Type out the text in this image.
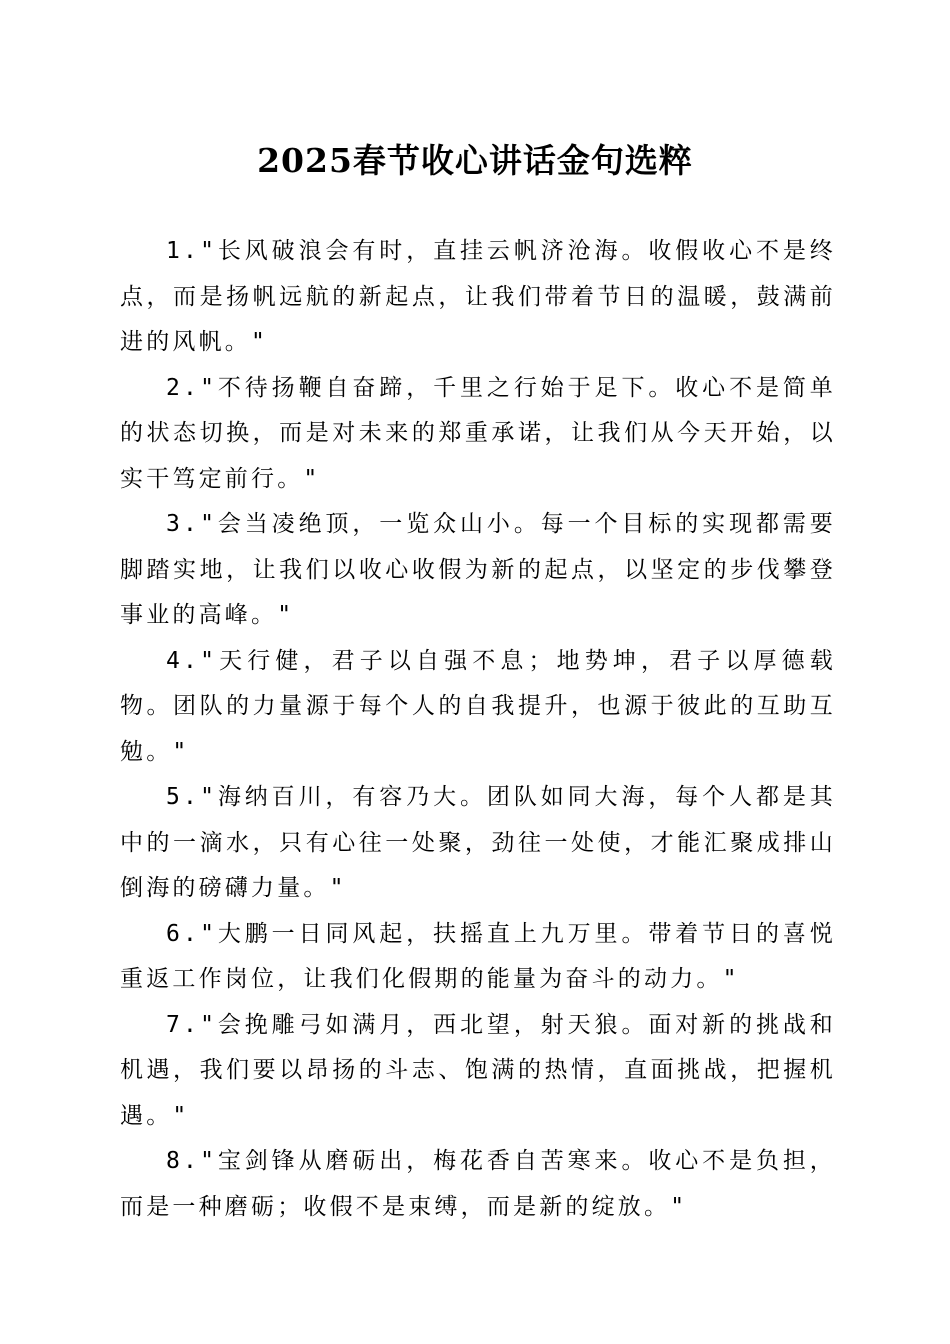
2025春节收心讲话金句选粹

1."长风破浪会有时，直挂云帆济沧海。收假收心不是终点，而是扬帆远航的新起点，让我们带着节日的温暖，鼓满前进的风帆。"

2."不待扬鞭自奋蹄，千里之行始于足下。收心不是简单的状态切换，而是对未来的郑重承诺，让我们从今天开始，以实干笃定前行。"

3."会当凌绝顶，一览众山小。每一个目标的实现都需要脚踏实地，让我们以收心收假为新的起点，以坚定的步伐攀登事业的高峰。"

4."天行健，君子以自强不息；地势坤，君子以厚德载物。团队的力量源于每个人的自我提升，也源于彼此的互助互勉。"

5."海纳百川，有容乃大。团队如同大海，每个人都是其中的一滴水，只有心往一处聚，劲往一处使，才能汇聚成排山倒海的磅礴力量。"

6."大鹏一日同风起，扶摇直上九万里。带着节日的喜悦重返工作岗位，让我们化假期的能量为奋斗的动力。"

7."会挽雕弓如满月，西北望，射天狼。面对新的挑战和机遇，我们要以昂扬的斗志、饱满的热情，直面挑战，把握机遇。"

8."宝剑锋从磨砺出，梅花香自苦寒来。收心不是负担，而是一种磨砺；收假不是束缚，而是新的绽放。"
